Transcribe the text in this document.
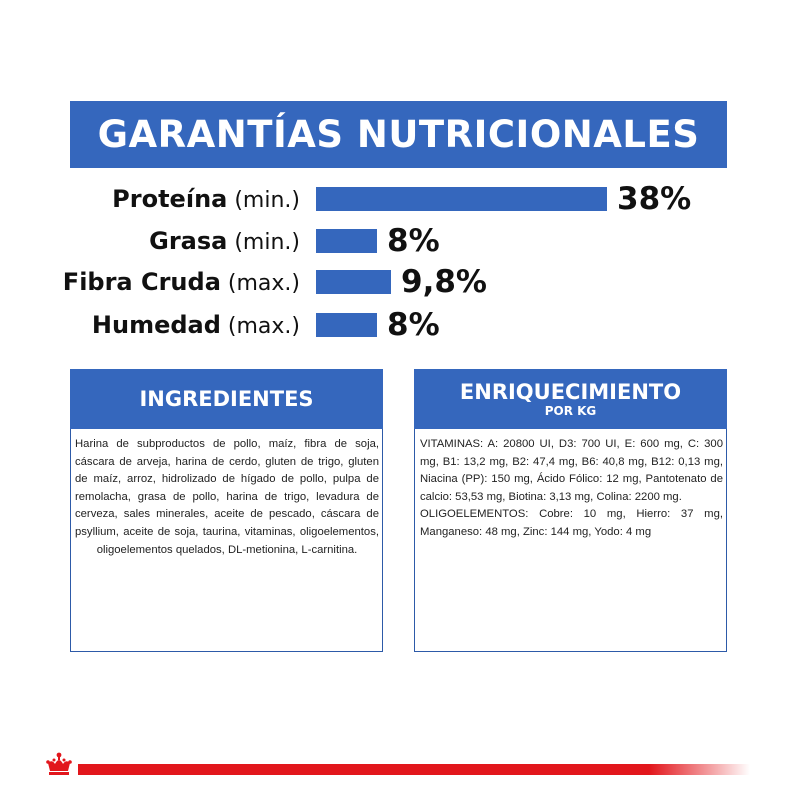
GARANTÍAS NUTRICIONALES
Proteína (min.)	38%
Grasa (min.)	8%
Fibra Cruda (max.)	9,8%
Humedad (max.)	8%
INGREDIENTES

Harina de subproductos de pollo, maíz, fibra de soja, cáscara de arveja, harina de cerdo, gluten de trigo, gluten de maíz, arroz, hidrolizado de hígado de pollo, pulpa de remolacha, grasa de pollo, harina de trigo, levadura de cerveza, sales minerales, aceite de pescado, cáscara de psyllium, aceite de soja, taurina, vitaminas, oligoelementos, oligoelementos quelados, DL-metionina, L-carnitina.

ENRIQUECIMIENTO
POR KG

VITAMINAS: A: 20800 UI, D3: 700 UI, E: 600 mg, C: 300 mg, B1: 13,2 mg, B2: 47,4 mg, B6: 40,8 mg, B12: 0,13 mg, Niacina (PP): 150 mg, Ácido Fólico: 12 mg, Pantotenato de calcio: 53,53 mg, Biotina: 3,13 mg, Colina: 2200 mg.

OLIGOELEMENTOS: Cobre: 10 mg, Hierro: 37 mg, Manganeso: 48 mg, Zinc: 144 mg, Yodo: 4 mg
